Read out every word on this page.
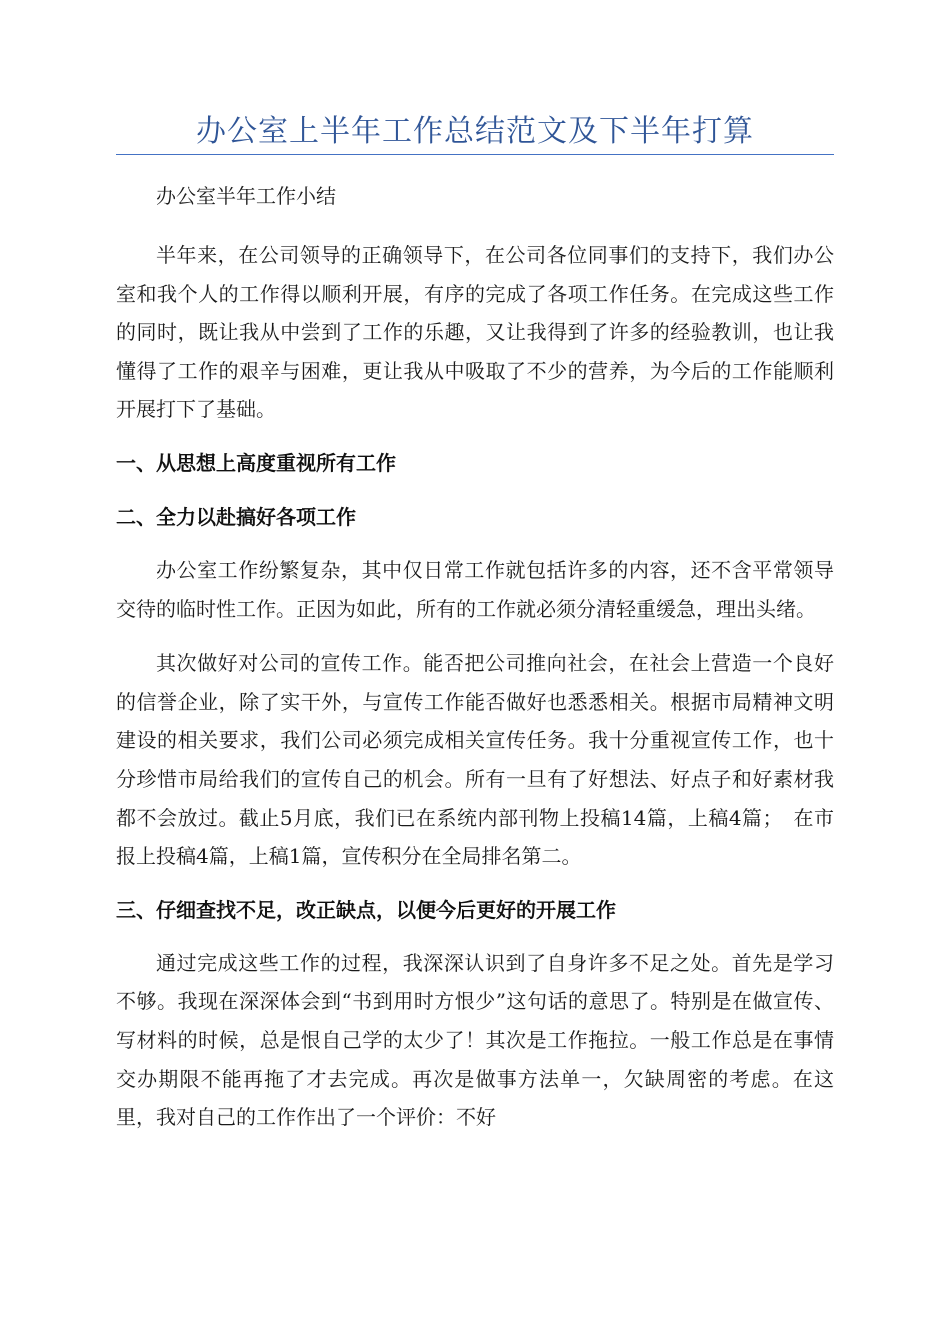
办公室上半年工作总结范文及下半年打算

办公室半年工作小结

半年来，在公司领导的正确领导下，在公司各位同事们的支持下，我们办公室和我个人的工作得以顺利开展，有序的完成了各项工作任务。在完成这些工作的同时，既让我从中尝到了工作的乐趣，又让我得到了许多的经验教训，也让我懂得了工作的艰辛与困难，更让我从中吸取了不少的营养，为今后的工作能顺利开展打下了基础。

一、从思想上高度重视所有工作

二、全力以赴搞好各项工作

办公室工作纷繁复杂，其中仅日常工作就包括许多的内容，还不含平常领导交待的临时性工作。正因为如此，所有的工作就必须分清轻重缓急，理出头绪。

其次做好对公司的宣传工作。能否把公司推向社会，在社会上营造一个良好的信誉企业，除了实干外，与宣传工作能否做好也悉悉相关。根据市局精神文明建设的相关要求，我们公司必须完成相关宣传任务。我十分重视宣传工作，也十分珍惜市局给我们的宣传自己的机会。所有一旦有了好想法、好点子和好素材我都不会放过。截止5月底，我们已在系统内部刊物上投稿14篇，上稿4篇；　在市报上投稿4篇，上稿1篇，宣传积分在全局排名第二。

三、仔细查找不足，改正缺点，以便今后更好的开展工作

通过完成这些工作的过程，我深深认识到了自身许多不足之处。首先是学习不够。我现在深深体会到“书到用时方恨少”这句话的意思了。特别是在做宣传、写材料的时候，总是恨自己学的太少了！其次是工作拖拉。一般工作总是在事情交办期限不能再拖了才去完成。再次是做事方法单一，欠缺周密的考虑。在这里，我对自己的工作作出了一个评价：不好
